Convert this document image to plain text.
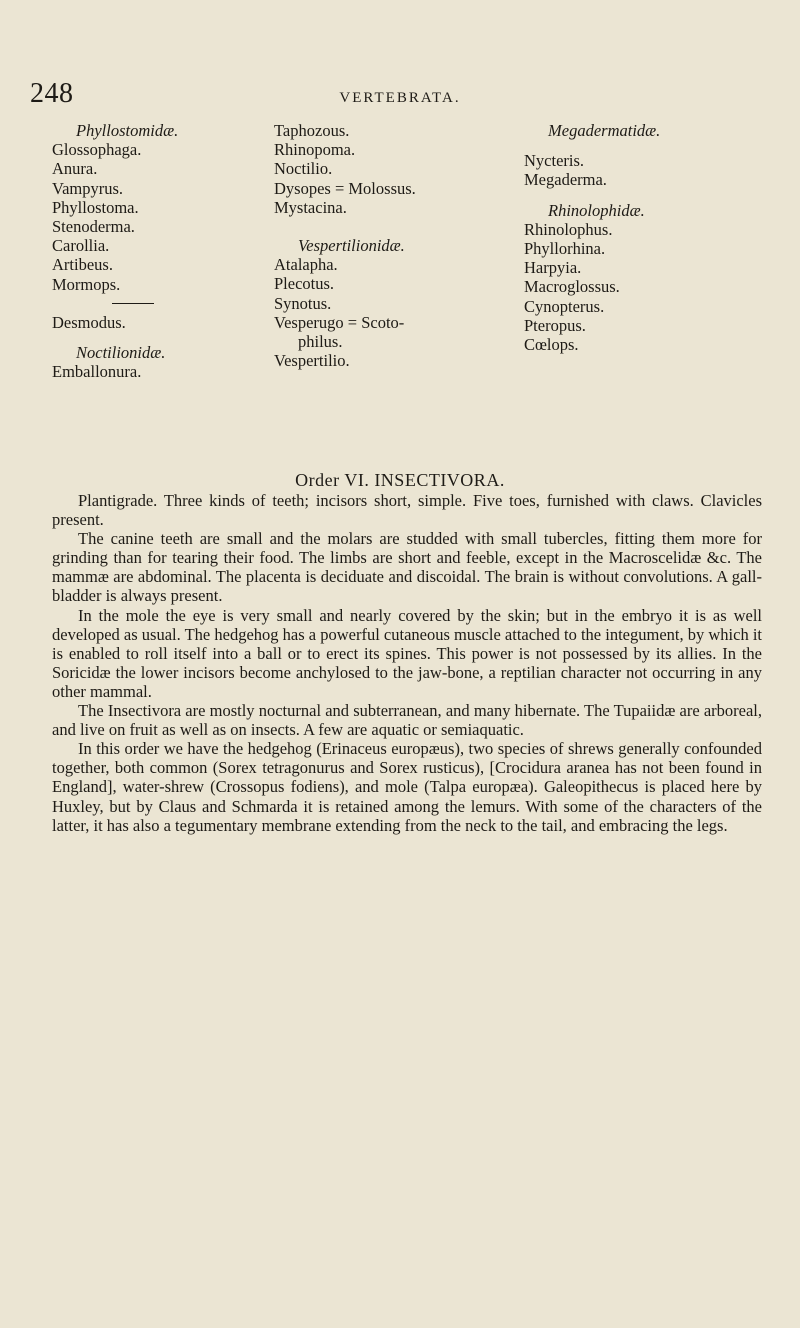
248	VERTEBRATA.
Phyllostomidæ.
Glossophaga.
Anura.
Vampyrus.
Phyllostoma.
Stenoderma.
Carollia.
Artibeus.
Mormops.
Desmodus.
Noctilionidæ.
Emballonura.
Taphozous.
Rhinopoma.
Noctilio.
Dysopes = Molossus.
Mystacina.
Vespertilionidæ.
Atalapha.
Plecotus.
Synotus.
Vesperugo = Scoto-
philus.
Vespertilio.
Megadermatidæ.
Nycteris.
Megaderma.
Rhinolophidæ.
Rhinolophus.
Phyllorhina.
Harpyia.
Macroglossus.
Cynopterus.
Pteropus.
Cœlops.
Order VI. INSECTIVORA.

Plantigrade. Three kinds of teeth; incisors short, simple. Five toes, furnished with claws. Clavicles present.

The canine teeth are small and the molars are studded with small tubercles, fitting them more for grinding than for tearing their food. The limbs are short and feeble, except in the Macroscelidæ &c. The mammæ are abdominal. The placenta is deciduate and discoidal. The brain is without convolutions. A gall-bladder is always present.

In the mole the eye is very small and nearly covered by the skin; but in the embryo it is as well developed as usual. The hedgehog has a powerful cutaneous muscle attached to the integument, by which it is enabled to roll itself into a ball or to erect its spines. This power is not possessed by its allies. In the Soricidæ the lower incisors become anchylosed to the jaw-bone, a reptilian character not occurring in any other mammal.

The Insectivora are mostly nocturnal and subterranean, and many hibernate. The Tupaiidæ are arboreal, and live on fruit as well as on insects. A few are aquatic or semiaquatic.

In this order we have the hedgehog (Erinaceus europæus), two species of shrews generally confounded together, both common (Sorex tetragonurus and Sorex rusticus), [Crocidura aranea has not been found in England], water-shrew (Crossopus fodiens), and mole (Talpa europæa). Galeopithecus is placed here by Huxley, but by Claus and Schmarda it is retained among the lemurs. With some of the characters of the latter, it has also a tegumentary membrane extending from the neck to the tail, and embracing the legs.
